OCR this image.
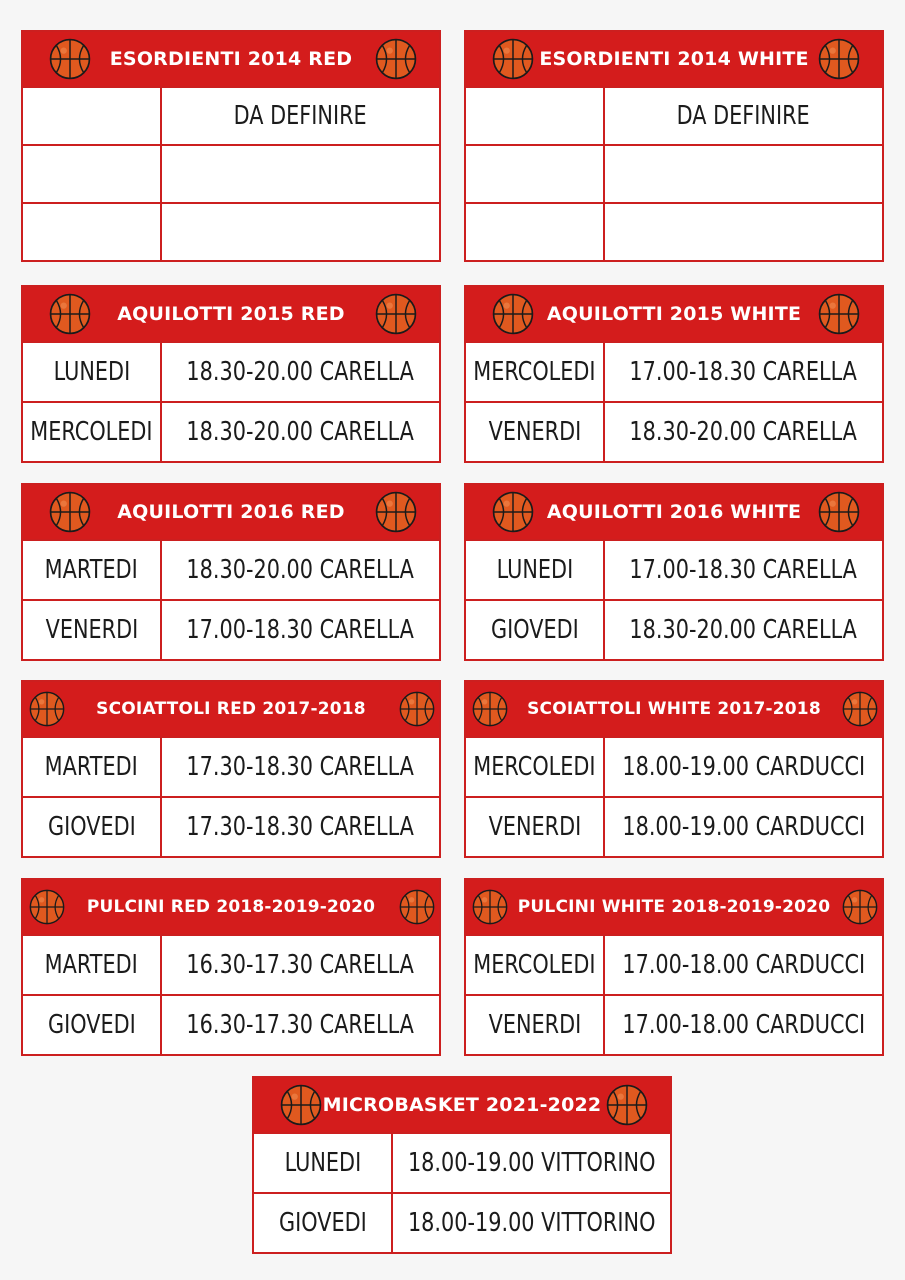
ESORDIENTI 2014 RED
DA DEFINIRE
ESORDIENTI 2014 WHITE
DA DEFINIRE
AQUILOTTI 2015 RED
LUNEDI 18.30-20.00 CARELLA
MERCOLEDI 18.30-20.00 CARELLA
AQUILOTTI 2015 WHITE
MERCOLEDI 17.00-18.30 CARELLA
VENERDI 18.30-20.00 CARELLA
AQUILOTTI 2016 RED
MARTEDI 18.30-20.00 CARELLA
VENERDI 17.00-18.30 CARELLA
AQUILOTTI 2016 WHITE
LUNEDI 17.00-18.30 CARELLA
GIOVEDI 18.30-20.00 CARELLA
SCOIATTOLI RED 2017-2018
MARTEDI 17.30-18.30 CARELLA
GIOVEDI 17.30-18.30 CARELLA
SCOIATTOLI WHITE 2017-2018
MERCOLEDI 18.00-19.00 CARDUCCI
VENERDI 18.00-19.00 CARDUCCI
PULCINI RED 2018-2019-2020
MARTEDI 16.30-17.30 CARELLA
GIOVEDI 16.30-17.30 CARELLA
PULCINI WHITE 2018-2019-2020
MERCOLEDI 17.00-18.00 CARDUCCI
VENERDI 17.00-18.00 CARDUCCI
MICROBASKET 2021-2022
LUNEDI 18.00-19.00 VITTORINO
GIOVEDI 18.00-19.00 VITTORINO
